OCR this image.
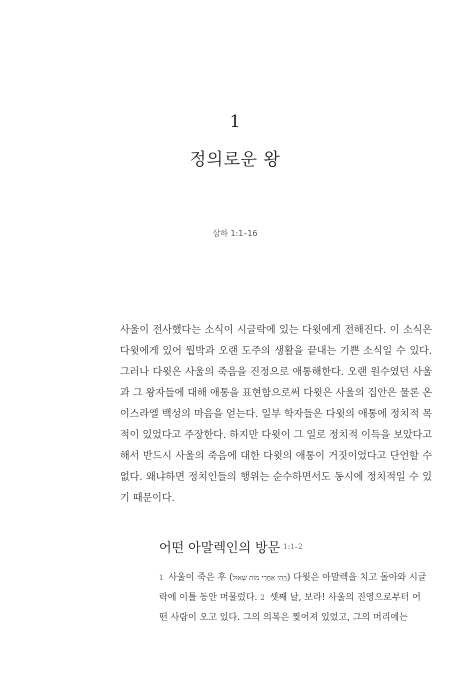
1
정의로운 왕
삼하 1:1–16

사울이 전사했다는 소식이 시글락에 있는 다윗에게 전해진다. 이 소식은 다윗에게 있어 뭡박과 오랜 도주의 생활을 끝내는 기쁜 소식일 수 있다. 그러나 다윗은 사울의 죽음을 진정으로 애통해한다. 오랜 원수였던 사울과 그 왕자들에 대해 애통을 표현함으로써 다윗은 사울의 집안은 물론 온 이스라엘 백성의 마음을 얻는다. 일부 학자들은 다윗의 애통에 정치적 목적이 있었다고 주장한다. 하지만 다윗이 그 일로 정치적 이득을 보았다고 해서 반드시 사울의 죽음에 대한 다윗의 애통이 거짓이었다고 단언할 수 없다. 왜냐하면 정치인들의 행위는 순수하면서도 동시에 정치적일 수 있기 때문이다.

어떤 아말렉인의 방문 $^{1:1-2}$

1 사울이 죽은 후 (וַיְהִי אַחֲרֵי מוֹת שָׁאוּל) 다윗은 아말렉을 치고 돌아와 시글락에 이틀 동안 머물렀다. 2 셋째 날, 보라! 사울의 진영으로부터 어떤 사람이 오고 있다. 그의 의복은 찢어져 있었고, 그의 머리에는
